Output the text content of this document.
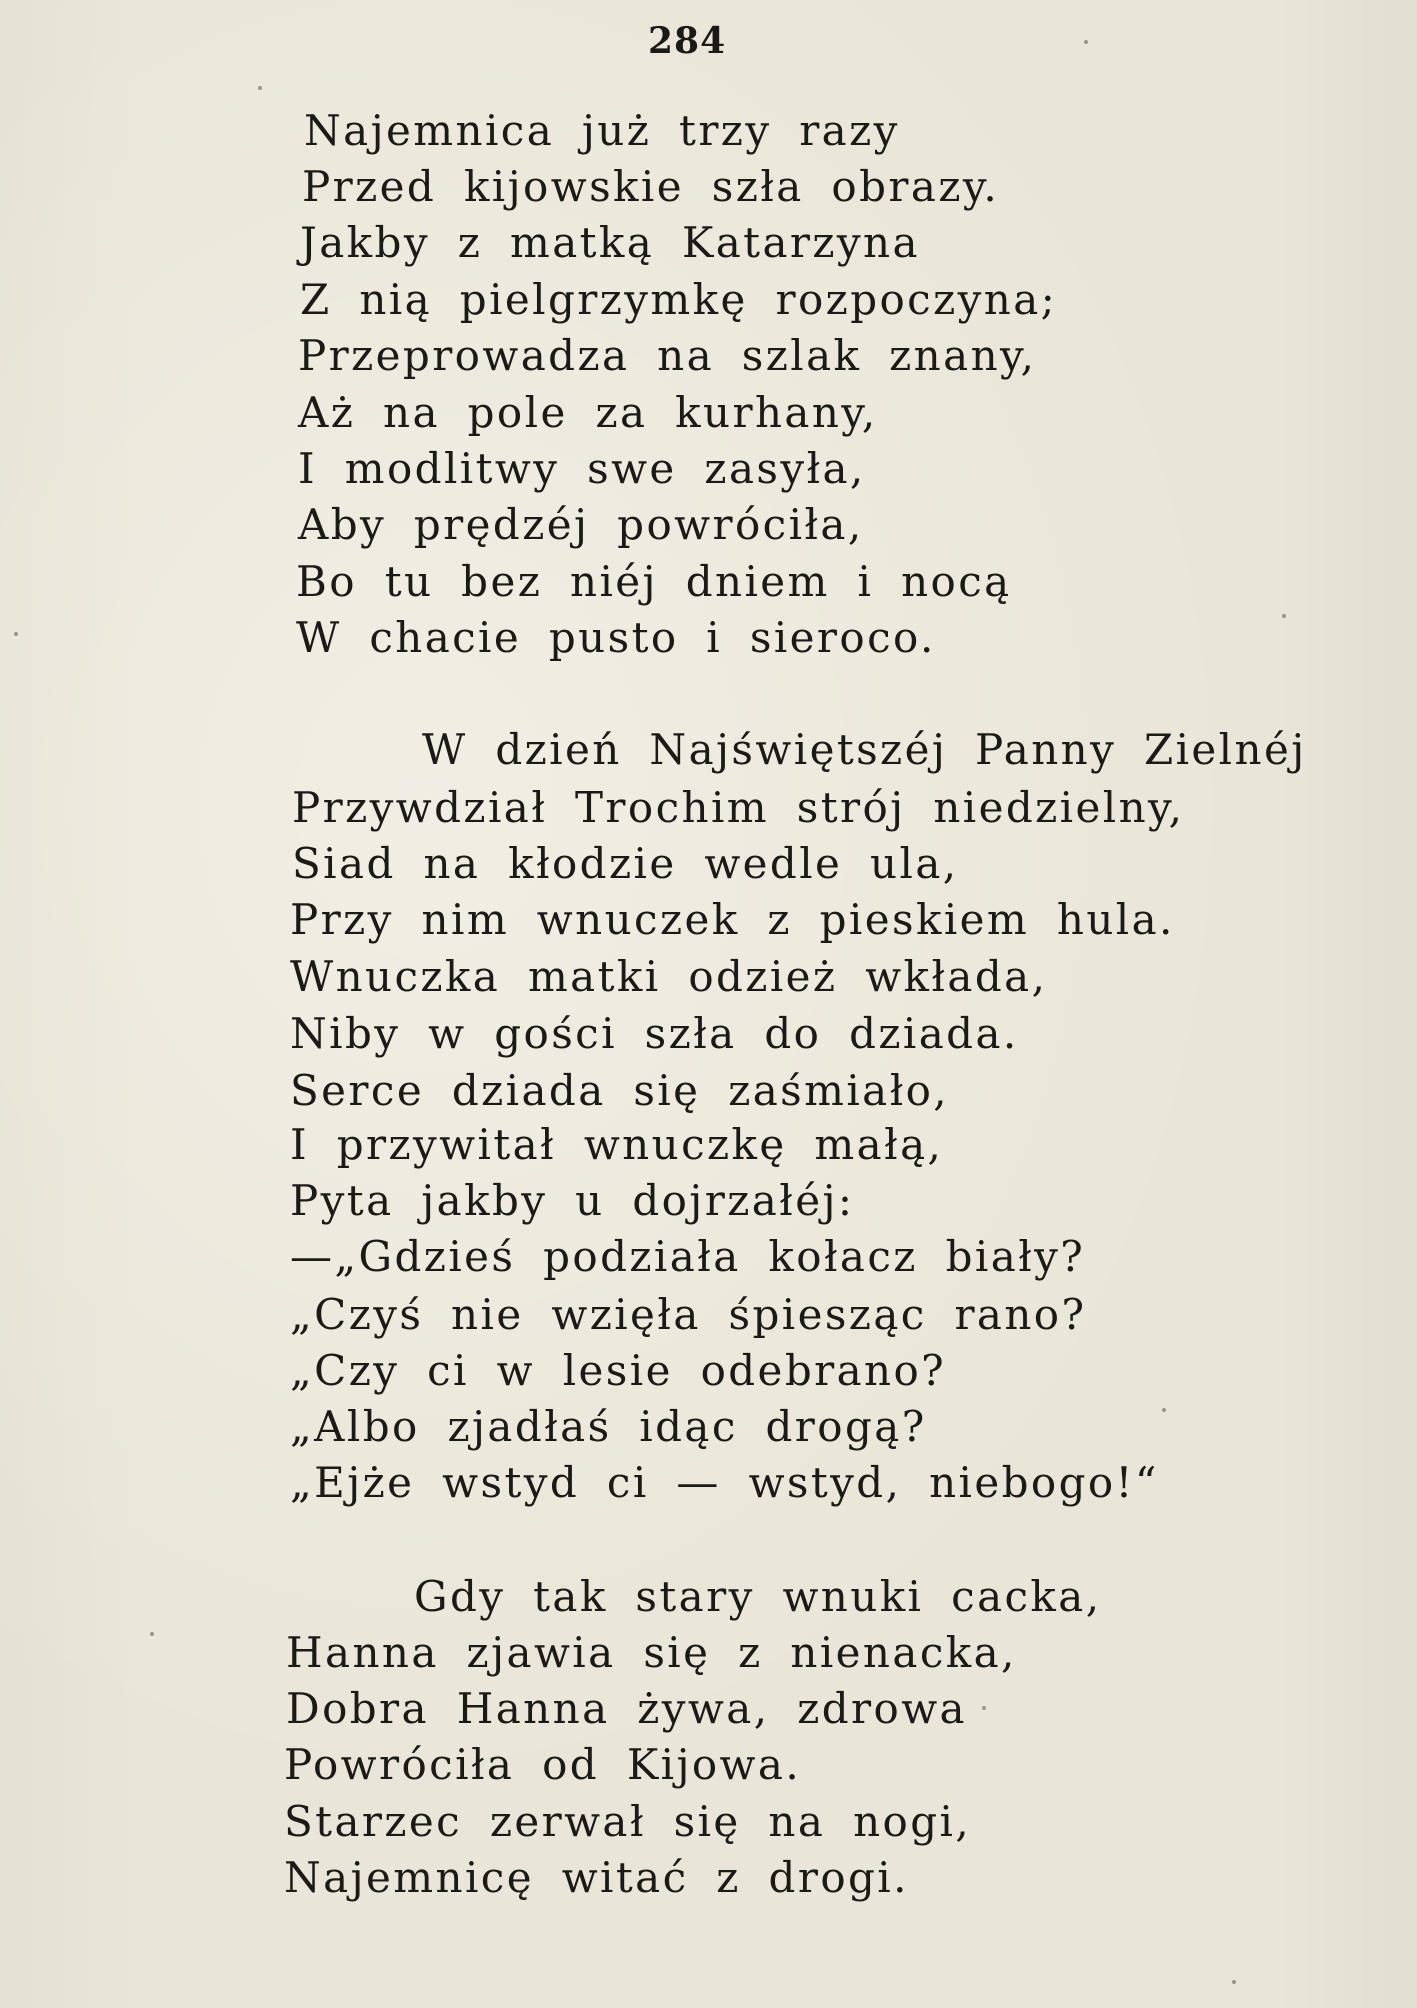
284
Najemnica już trzy razy
Przed kijowskie szła obrazy.
Jakby z matką Katarzyna
Z nią pielgrzymkę rozpoczyna;
Przeprowadza na szlak znany,
Aż na pole za kurhany,
I modlitwy swe zasyła,
Aby prędzéj powróciła,
Bo tu bez niéj dniem i nocą
W chacie pusto i sieroco.
W dzień Najświętszéj Panny Zielnéj
Przywdział Trochim strój niedzielny,
Siad na kłodzie wedle ula,
Przy nim wnuczek z pieskiem hula.
Wnuczka matki odzież wkłada,
Niby w gości szła do dziada.
Serce dziada się zaśmiało,
I przywitał wnuczkę małą,
Pyta jakby u dojrzałéj:
—„Gdzieś podziała kołacz biały?
„Czyś nie wzięła śpiesząc rano?
„Czy ci w lesie odebrano?
„Albo zjadłaś idąc drogą?
„Ejże wstyd ci — wstyd, niebogo!“
Gdy tak stary wnuki cacka,
Hanna zjawia się z nienacka,
Dobra Hanna żywa, zdrowa
Powróciła od Kijowa.
Starzec zerwał się na nogi,
Najemnicę witać z drogi.
